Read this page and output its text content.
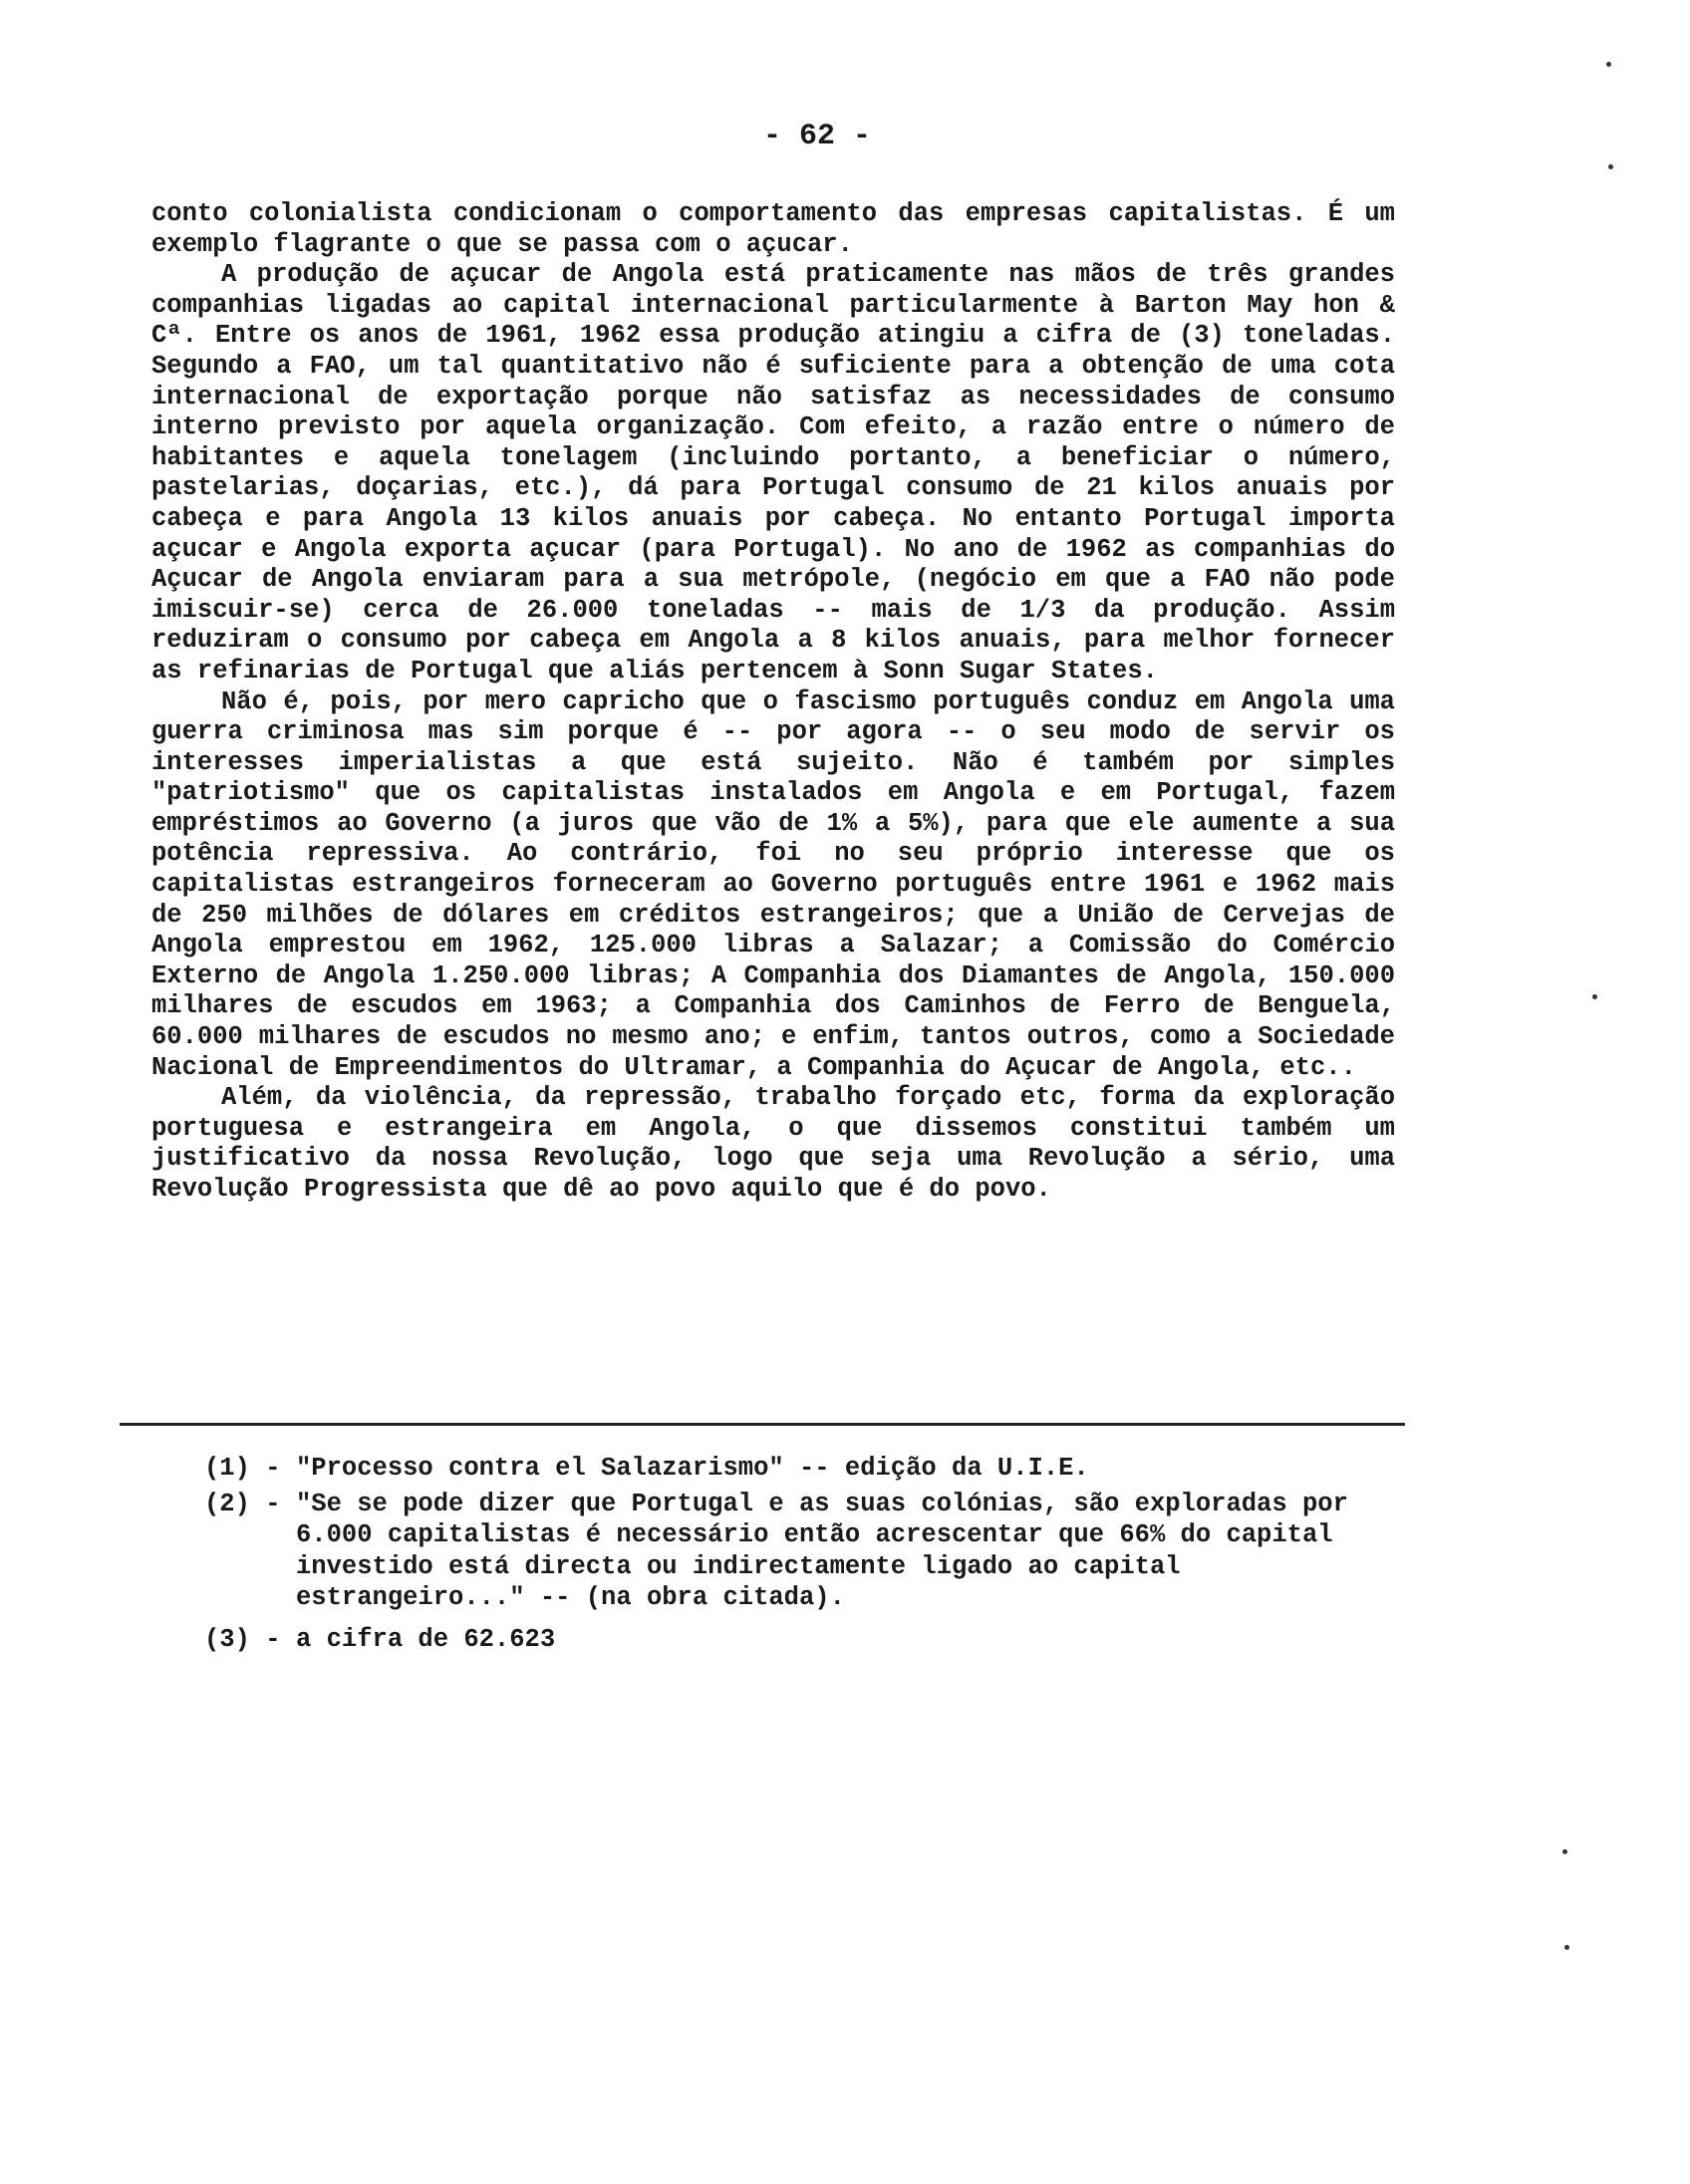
- 62 -

conto colonialista condicionam o comportamento das empresas capitalistas. É um exemplo flagrante o que se passa com o açucar.

A produção de açucar de Angola está praticamente nas mãos de três grandes companhias ligadas ao capital internacional particularmente à Barton May hon & Cª. Entre os anos de 1961, 1962 essa produção atingiu a cifra de (3) toneladas. Segundo a FAO, um tal quantitativo não é suficiente para a obtenção de uma cota internacional de exportação porque não satisfaz as necessidades de consumo interno previsto por aquela organização. Com efeito, a razão entre o número de habitantes e aquela tonelagem (incluindo portanto, a beneficiar o número, pastelarias, doçarias, etc.), dá para Portugal consumo de 21 kilos anuais por cabeça e para Angola 13 kilos anuais por cabeça. No entanto Portugal importa açucar e Angola exporta açucar (para Portugal). No ano de 1962 as companhias do Açucar de Angola enviaram para a sua metrópole, (negócio em que a FAO não pode imiscuir-se) cerca de 26.000 toneladas -- mais de 1/3 da produção. Assim reduziram o consumo por cabeça em Angola a 8 kilos anuais, para melhor fornecer as refinarias de Portugal que aliás pertencem à Sonn Sugar States.

Não é, pois, por mero capricho que o fascismo português conduz em Angola uma guerra criminosa mas sim porque é -- por agora -- o seu modo de servir os interesses imperialistas a que está sujeito. Não é também por simples "patriotismo" que os capitalistas instalados em Angola e em Portugal, fazem empréstimos ao Governo (a juros que vão de 1% a 5%), para que ele aumente a sua potência repressiva. Ao contrário, foi no seu próprio interesse que os capitalistas estrangeiros forneceram ao Governo português entre 1961 e 1962 mais de 250 milhões de dólares em créditos estrangeiros; que a União de Cervejas de Angola emprestou em 1962, 125.000 libras a Salazar; a Comissão do Comércio Externo de Angola 1.250.000 libras; A Companhia dos Diamantes de Angola, 150.000 milhares de escudos em 1963; a Companhia dos Caminhos de Ferro de Benguela, 60.000 milhares de escudos no mesmo ano; e enfim, tantos outros, como a Sociedade Nacional de Empreendimentos do Ultramar, a Companhia do Açucar de Angola, etc..

Além, da violência, da repressão, trabalho forçado etc, forma da exploração portuguesa e estrangeira em Angola, o que dissemos constitui também um justificativo da nossa Revolução, logo que seja uma Revolução a sério, uma Revolução Progressista que dê ao povo aquilo que é do povo.

(1) - "Processo contra el Salazarismo" -- edição da U.I.E.
(2) - "Se se pode dizer que Portugal e as suas colónias, são exploradas por 6.000 capitalistas é necessário então acrescentar que 66% do capital investido está directa ou indirectamente ligado ao capital estrangeiro..." -- (na obra citada).
(3) - a cifra de 62.623
